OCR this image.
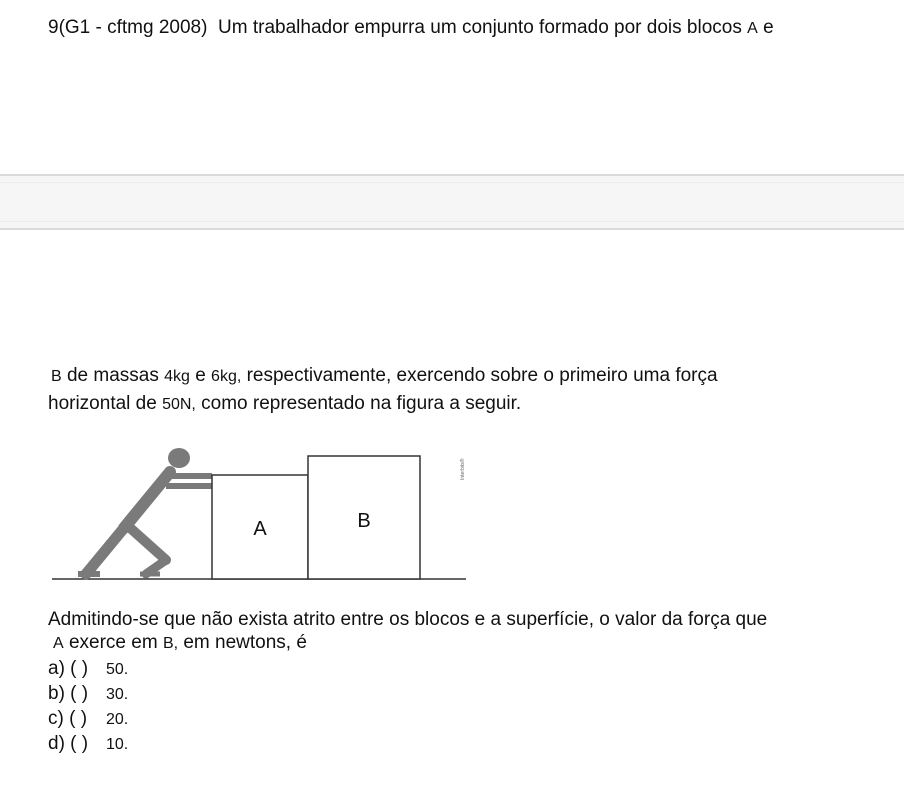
9(G1 - cftmg 2008) Um trabalhador empurra um conjunto formado por dois blocos A e
B de massas 4kg e 6kg, respectivamente, exercendo sobre o primeiro uma força
horizontal de 50N, como representado na figura a seguir.
A	B
Interbits®
Admitindo-se que não exista atrito entre os blocos e a superfície, o valor da força que
A exerce em B, em newtons, é
a) ( ) 50.
b) ( ) 30.
c) ( ) 20.
d) ( ) 10.
